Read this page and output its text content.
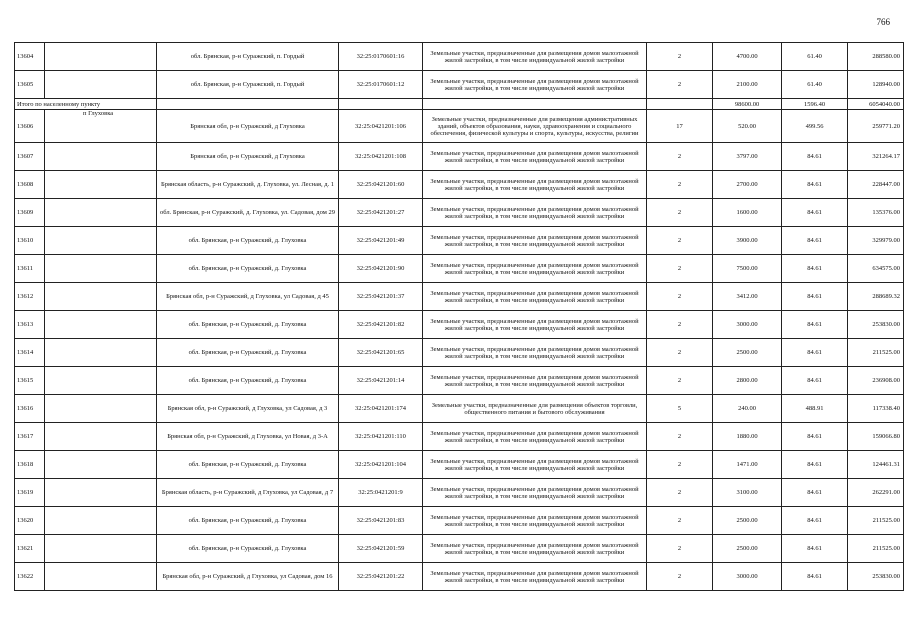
766
13604		обл. Брянская, р-н Суражский, п. Гордый	32:25:0170601:16	Земельные участки, предназначенные для размещения домов малоэтажной жилой застройки, в том числе индивидуальной жилой застройки	2	4700.00	61.40	288580.00
13605		обл. Брянская, р-н Суражский, п. Гордый	32:25:0170601:12	Земельные участки, предназначенные для размещения домов малоэтажной жилой застройки, в том числе индивидуальной жилой застройки	2	2100.00	61.40	128940.00
Итого по населенному пункту						98600.00	1596.40	6054040.00
13606	п Глуховка	Брянская обл, р-н Суражский, д Глуховка	32:25:0421201:106	Земельные участки, предназначенные для размещения административных зданий, объектов образования, науки, здравоохранения и социального обеспечения, физической культуры и спорта, культуры, искусства, религии	17	520.00	499.56	259771.20
13607		Брянская обл, р-н Суражский, д Глуховка	32:25:0421201:108	Земельные участки, предназначенные для размещения домов малоэтажной жилой застройки, в том числе индивидуальной жилой застройки	2	3797.00	84.61	321264.17
13608		Брянская область, р-н Суражский, д. Глуховка, ул. Лесная, д. 1	32:25:0421201:60	Земельные участки, предназначенные для размещения домов малоэтажной жилой застройки, в том числе индивидуальной жилой застройки	2	2700.00	84.61	228447.00
13609		обл. Брянская, р-н Суражский, д. Глуховка, ул. Садовая, дом 29	32:25:0421201:27	Земельные участки, предназначенные для размещения домов малоэтажной жилой застройки, в том числе индивидуальной жилой застройки	2	1600.00	84.61	135376.00
13610		обл. Брянская, р-н Суражский, д. Глуховка	32:25:0421201:49	Земельные участки, предназначенные для размещения домов малоэтажной жилой застройки, в том числе индивидуальной жилой застройки	2	3900.00	84.61	329979.00
13611		обл. Брянская, р-н Суражский, д. Глуховка	32:25:0421201:90	Земельные участки, предназначенные для размещения домов малоэтажной жилой застройки, в том числе индивидуальной жилой застройки	2	7500.00	84.61	634575.00
13612		Брянская обл, р-н Суражский, д Глуховка, ул Садовая, д 45	32:25:0421201:37	Земельные участки, предназначенные для размещения домов малоэтажной жилой застройки, в том числе индивидуальной жилой застройки	2	3412.00	84.61	288689.32
13613		обл. Брянская, р-н Суражский, д. Глуховка	32:25:0421201:82	Земельные участки, предназначенные для размещения домов малоэтажной жилой застройки, в том числе индивидуальной жилой застройки	2	3000.00	84.61	253830.00
13614		обл. Брянская, р-н Суражский, д. Глуховка	32:25:0421201:65	Земельные участки, предназначенные для размещения домов малоэтажной жилой застройки, в том числе индивидуальной жилой застройки	2	2500.00	84.61	211525.00
13615		обл. Брянская, р-н Суражский, д. Глуховка	32:25:0421201:14	Земельные участки, предназначенные для размещения домов малоэтажной жилой застройки, в том числе индивидуальной жилой застройки	2	2800.00	84.61	236908.00
13616		Брянская обл, р-н Суражский, д Глуховка, ул Садовая, д 3	32:25:0421201:174	Земельные участки, предназначенные для размещения объектов торговли, общественного питания и бытового обслуживания	5	240.00	488.91	117338.40
13617		Брянская обл, р-н Суражский, д Глуховка, ул Новая, д 3-А	32:25:0421201:110	Земельные участки, предназначенные для размещения домов малоэтажной жилой застройки, в том числе индивидуальной жилой застройки	2	1880.00	84.61	159066.80
13618		обл. Брянская, р-н Суражский, д. Глуховка	32:25:0421201:104	Земельные участки, предназначенные для размещения домов малоэтажной жилой застройки, в том числе индивидуальной жилой застройки	2	1471.00	84.61	124461.31
13619		Брянская область, р-н Суражский, д Глуховка, ул Садовая, д 7	32:25:0421201:9	Земельные участки, предназначенные для размещения домов малоэтажной жилой застройки, в том числе индивидуальной жилой застройки	2	3100.00	84.61	262291.00
13620		обл. Брянская, р-н Суражский, д. Глуховка	32:25:0421201:83	Земельные участки, предназначенные для размещения домов малоэтажной жилой застройки, в том числе индивидуальной жилой застройки	2	2500.00	84.61	211525.00
13621		обл. Брянская, р-н Суражский, д. Глуховка	32:25:0421201:59	Земельные участки, предназначенные для размещения домов малоэтажной жилой застройки, в том числе индивидуальной жилой застройки	2	2500.00	84.61	211525.00
13622		Брянская обл, р-н Суражский, д Глуховка, ул Садовая, дом 16	32:25:0421201:22	Земельные участки, предназначенные для размещения домов малоэтажной жилой застройки, в том числе индивидуальной жилой застройки	2	3000.00	84.61	253830.00
